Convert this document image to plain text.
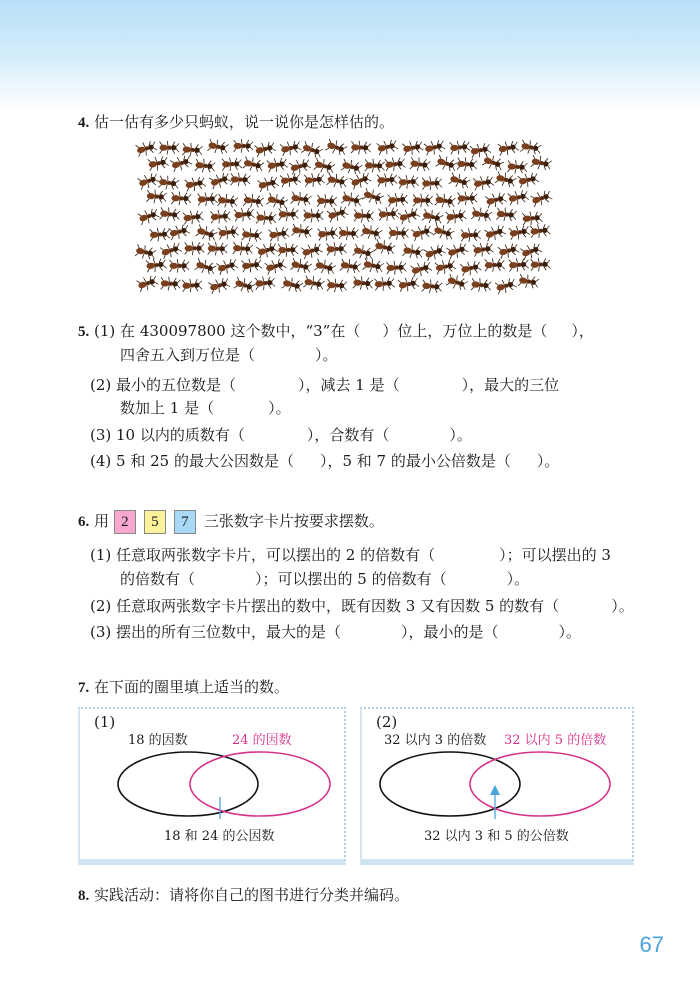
4. 估一估有多少只蚂蚁，说一说你是怎样估的。
5. (1) 在 430097800 这个数中，“3”在（ ）位上，万位上的数是（ ），
四舍五入到万位是（	）。
(2) 最小的五位数是（	），减去 1 是（	），最大的三位
数加上 1 是（	）。
(3) 10 以内的质数有（	），合数有（	）。
(4) 5 和 25 的最大公因数是（ ），5 和 7 的最小公倍数是（ ）。
6. 用 2 5 7 三张数字卡片按要求摆数。
(1) 任意取两张数字卡片，可以摆出的 2 的倍数有（	）；可以摆出的 3
的倍数有（	）；可以摆出的 5 的倍数有（	）。
(2) 任意取两张数字卡片摆出的数中，既有因数 3 又有因数 5 的数有（	）。
(3) 摆出的所有三位数中，最大的是（	），最小的是（	）。
7. 在下面的圈里填上适当的数。
(1)
18 的因数	24 的因数
18 和 24 的公因数
(2)
32 以内 3 的倍数 32 以内 5 的倍数
32 以内 3 和 5 的公倍数
8. 实践活动：请将你自己的图书进行分类并编码。
67
